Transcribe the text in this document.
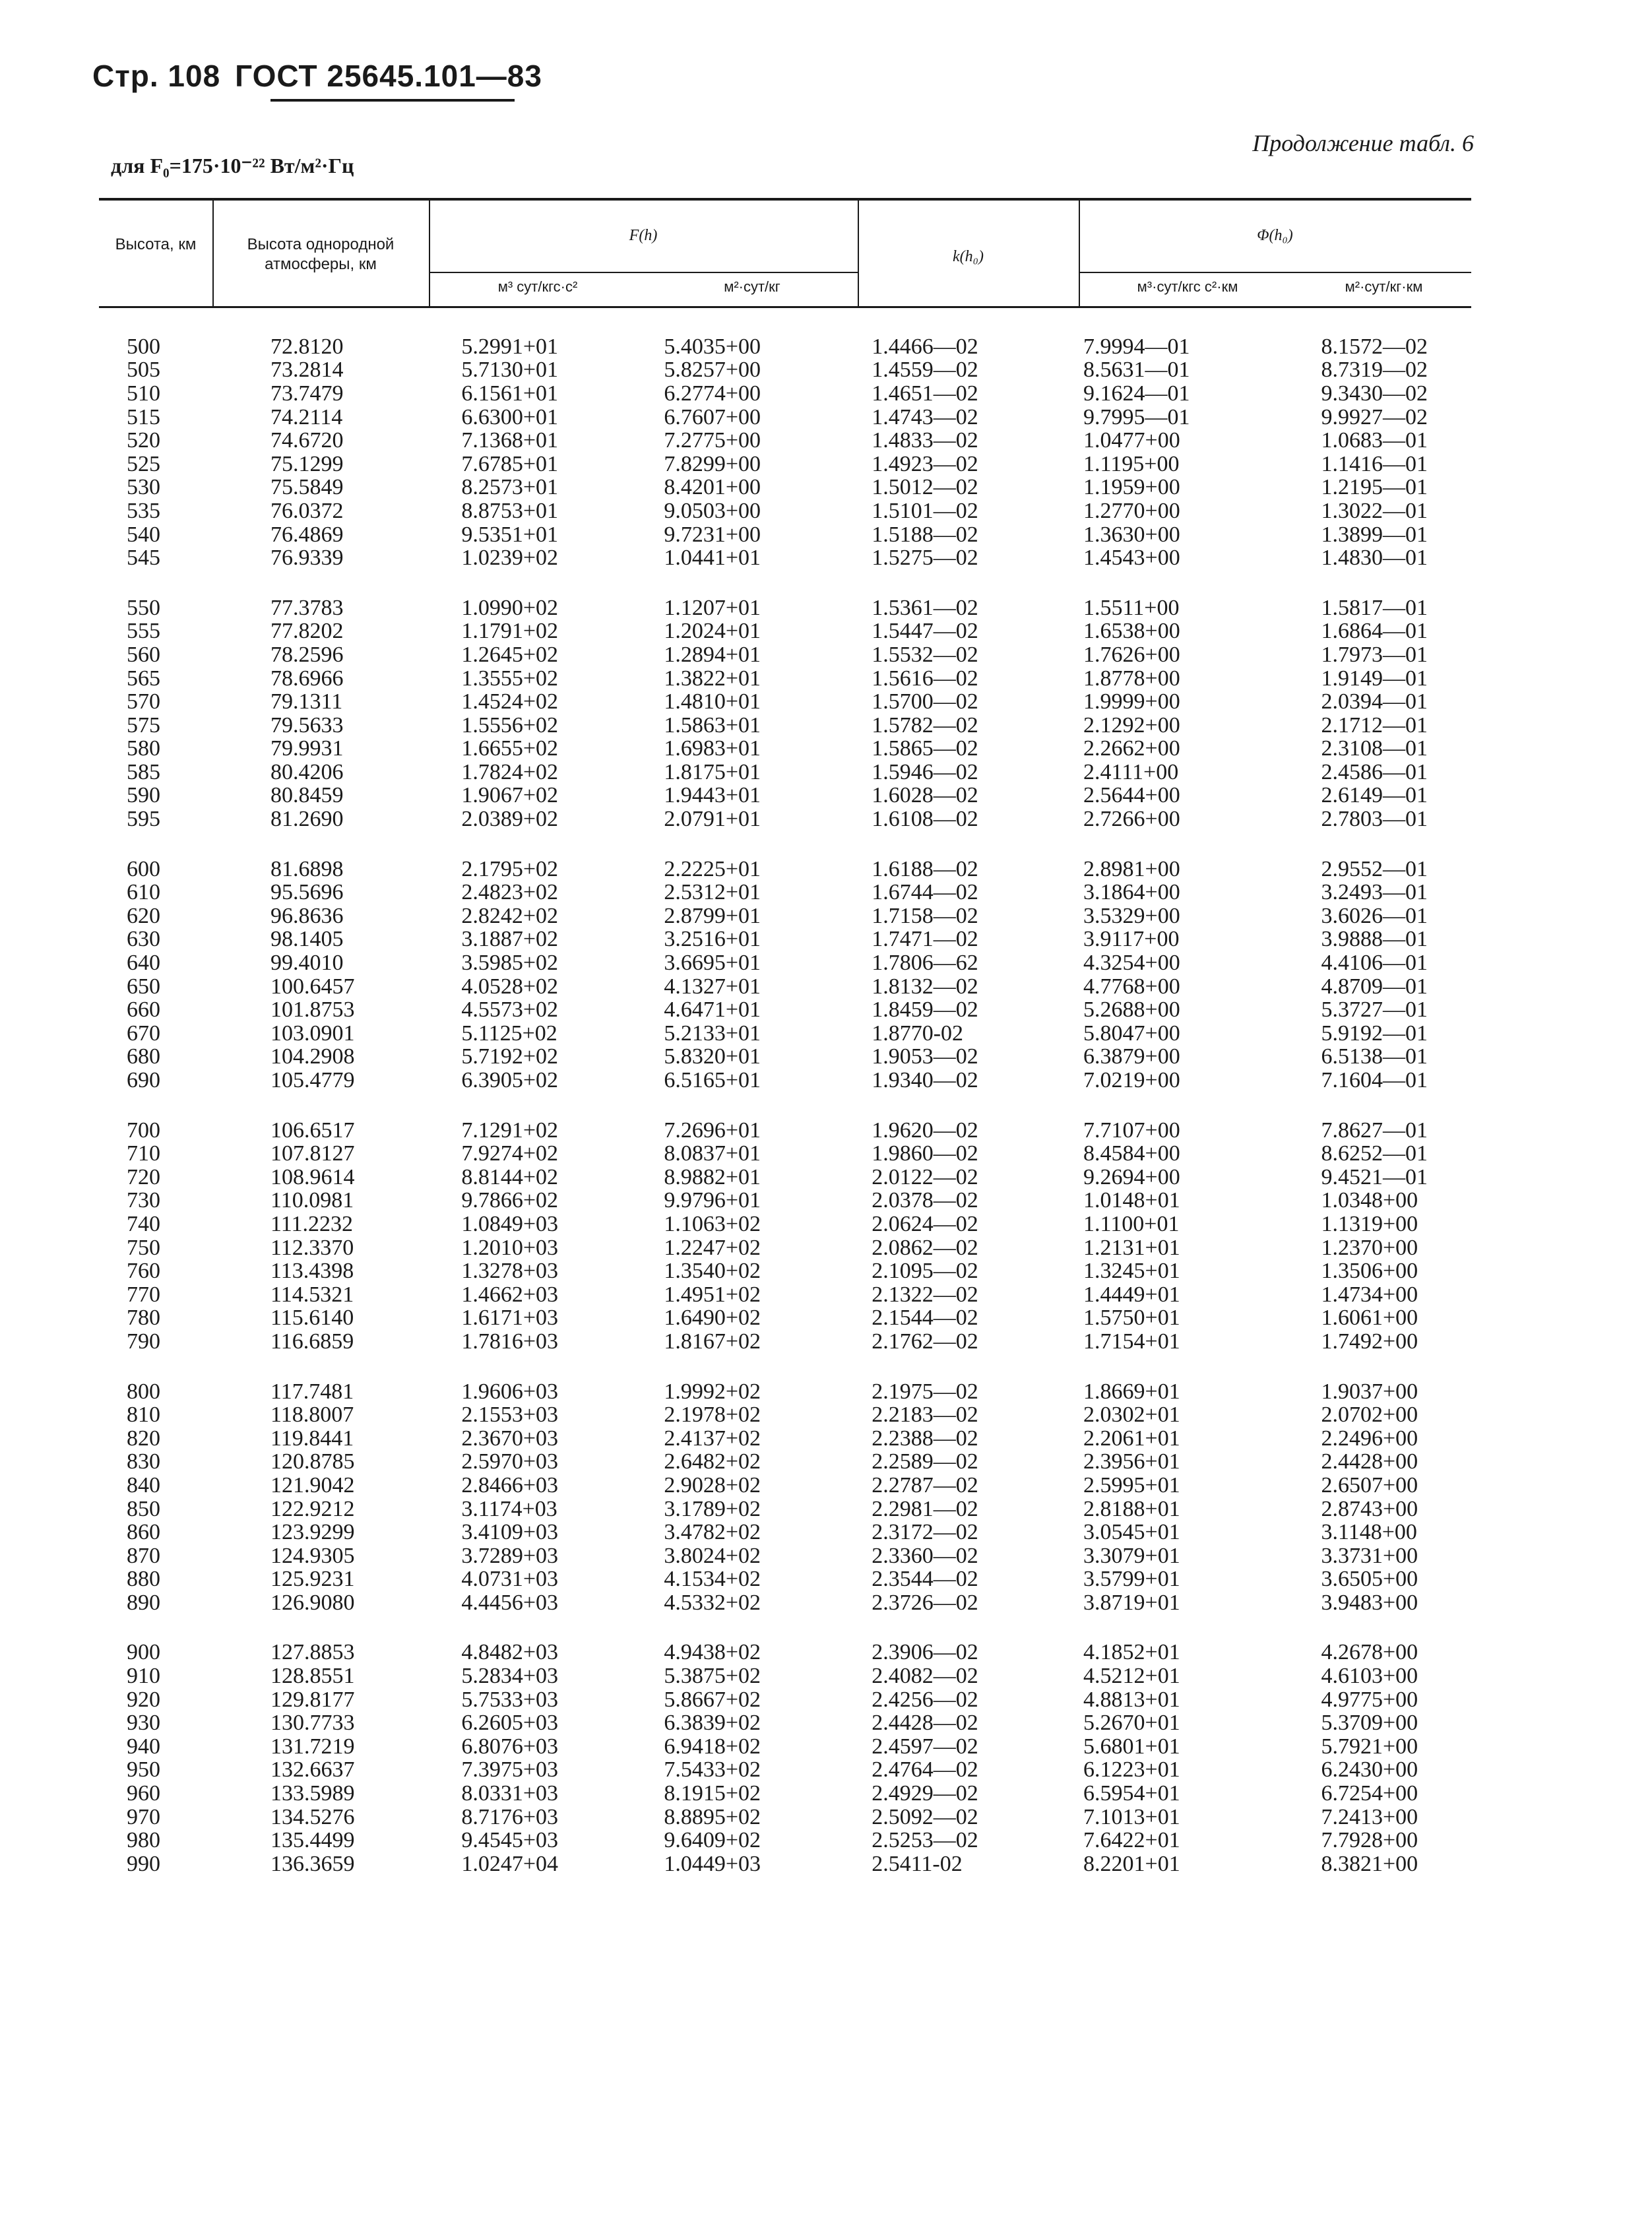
Стр. 108 ГОСТ 25645.101—83
Продолжение табл. 6
для F₀=175·10⁻²² Вт/м²·Гц
Высота, км	Высота однородной атмосферы, км
F(h)
м³ сут/кгс·с²	м²·сут/кг
k(h₀)
Φ(h₀)
м³·сут/кгс с²·км	м²·сут/кг·км
500	72.8120	5.2991+01	5.4035+00	1.4466—02	7.9994—01	8.1572—02
505	73.2814	5.7130+01	5.8257+00	1.4559—02	8.5631—01	8.7319—02
510	73.7479	6.1561+01	6.2774+00	1.4651—02	9.1624—01	9.3430—02
515	74.2114	6.6300+01	6.7607+00	1.4743—02	9.7995—01	9.9927—02
520	74.6720	7.1368+01	7.2775+00	1.4833—02	1.0477+00	1.0683—01
525	75.1299	7.6785+01	7.8299+00	1.4923—02	1.1195+00	1.1416—01
530	75.5849	8.2573+01	8.4201+00	1.5012—02	1.1959+00	1.2195—01
535	76.0372	8.8753+01	9.0503+00	1.5101—02	1.2770+00	1.3022—01
540	76.4869	9.5351+01	9.7231+00	1.5188—02	1.3630+00	1.3899—01
545	76.9339	1.0239+02	1.0441+01	1.5275—02	1.4543+00	1.4830—01
550	77.3783	1.0990+02	1.1207+01	1.5361—02	1.5511+00	1.5817—01
555	77.8202	1.1791+02	1.2024+01	1.5447—02	1.6538+00	1.6864—01
560	78.2596	1.2645+02	1.2894+01	1.5532—02	1.7626+00	1.7973—01
565	78.6966	1.3555+02	1.3822+01	1.5616—02	1.8778+00	1.9149—01
570	79.1311	1.4524+02	1.4810+01	1.5700—02	1.9999+00	2.0394—01
575	79.5633	1.5556+02	1.5863+01	1.5782—02	2.1292+00	2.1712—01
580	79.9931	1.6655+02	1.6983+01	1.5865—02	2.2662+00	2.3108—01
585	80.4206	1.7824+02	1.8175+01	1.5946—02	2.4111+00	2.4586—01
590	80.8459	1.9067+02	1.9443+01	1.6028—02	2.5644+00	2.6149—01
595	81.2690	2.0389+02	2.0791+01	1.6108—02	2.7266+00	2.7803—01
600	81.6898	2.1795+02	2.2225+01	1.6188—02	2.8981+00	2.9552—01
610	95.5696	2.4823+02	2.5312+01	1.6744—02	3.1864+00	3.2493—01
620	96.8636	2.8242+02	2.8799+01	1.7158—02	3.5329+00	3.6026—01
630	98.1405	3.1887+02	3.2516+01	1.7471—02	3.9117+00	3.9888—01
640	99.4010	3.5985+02	3.6695+01	1.7806—62	4.3254+00	4.4106—01
650	100.6457	4.0528+02	4.1327+01	1.8132—02	4.7768+00	4.8709—01
660	101.8753	4.5573+02	4.6471+01	1.8459—02	5.2688+00	5.3727—01
670	103.0901	5.1125+02	5.2133+01	1.8770-02	5.8047+00	5.9192—01
680	104.2908	5.7192+02	5.8320+01	1.9053—02	6.3879+00	6.5138—01
690	105.4779	6.3905+02	6.5165+01	1.9340—02	7.0219+00	7.1604—01
700	106.6517	7.1291+02	7.2696+01	1.9620—02	7.7107+00	7.8627—01
710	107.8127	7.9274+02	8.0837+01	1.9860—02	8.4584+00	8.6252—01
720	108.9614	8.8144+02	8.9882+01	2.0122—02	9.2694+00	9.4521—01
730	110.0981	9.7866+02	9.9796+01	2.0378—02	1.0148+01	1.0348+00
740	111.2232	1.0849+03	1.1063+02	2.0624—02	1.1100+01	1.1319+00
750	112.3370	1.2010+03	1.2247+02	2.0862—02	1.2131+01	1.2370+00
760	113.4398	1.3278+03	1.3540+02	2.1095—02	1.3245+01	1.3506+00
770	114.5321	1.4662+03	1.4951+02	2.1322—02	1.4449+01	1.4734+00
780	115.6140	1.6171+03	1.6490+02	2.1544—02	1.5750+01	1.6061+00
790	116.6859	1.7816+03	1.8167+02	2.1762—02	1.7154+01	1.7492+00
800	117.7481	1.9606+03	1.9992+02	2.1975—02	1.8669+01	1.9037+00
810	118.8007	2.1553+03	2.1978+02	2.2183—02	2.0302+01	2.0702+00
820	119.8441	2.3670+03	2.4137+02	2.2388—02	2.2061+01	2.2496+00
830	120.8785	2.5970+03	2.6482+02	2.2589—02	2.3956+01	2.4428+00
840	121.9042	2.8466+03	2.9028+02	2.2787—02	2.5995+01	2.6507+00
850	122.9212	3.1174+03	3.1789+02	2.2981—02	2.8188+01	2.8743+00
860	123.9299	3.4109+03	3.4782+02	2.3172—02	3.0545+01	3.1148+00
870	124.9305	3.7289+03	3.8024+02	2.3360—02	3.3079+01	3.3731+00
880	125.9231	4.0731+03	4.1534+02	2.3544—02	3.5799+01	3.6505+00
890	126.9080	4.4456+03	4.5332+02	2.3726—02	3.8719+01	3.9483+00
900	127.8853	4.8482+03	4.9438+02	2.3906—02	4.1852+01	4.2678+00
910	128.8551	5.2834+03	5.3875+02	2.4082—02	4.5212+01	4.6103+00
920	129.8177	5.7533+03	5.8667+02	2.4256—02	4.8813+01	4.9775+00
930	130.7733	6.2605+03	6.3839+02	2.4428—02	5.2670+01	5.3709+00
940	131.7219	6.8076+03	6.9418+02	2.4597—02	5.6801+01	5.7921+00
950	132.6637	7.3975+03	7.5433+02	2.4764—02	6.1223+01	6.2430+00
960	133.5989	8.0331+03	8.1915+02	2.4929—02	6.5954+01	6.7254+00
970	134.5276	8.7176+03	8.8895+02	2.5092—02	7.1013+01	7.2413+00
980	135.4499	9.4545+03	9.6409+02	2.5253—02	7.6422+01	7.7928+00
990	136.3659	1.0247+04	1.0449+03	2.5411-02	8.2201+01	8.3821+00
